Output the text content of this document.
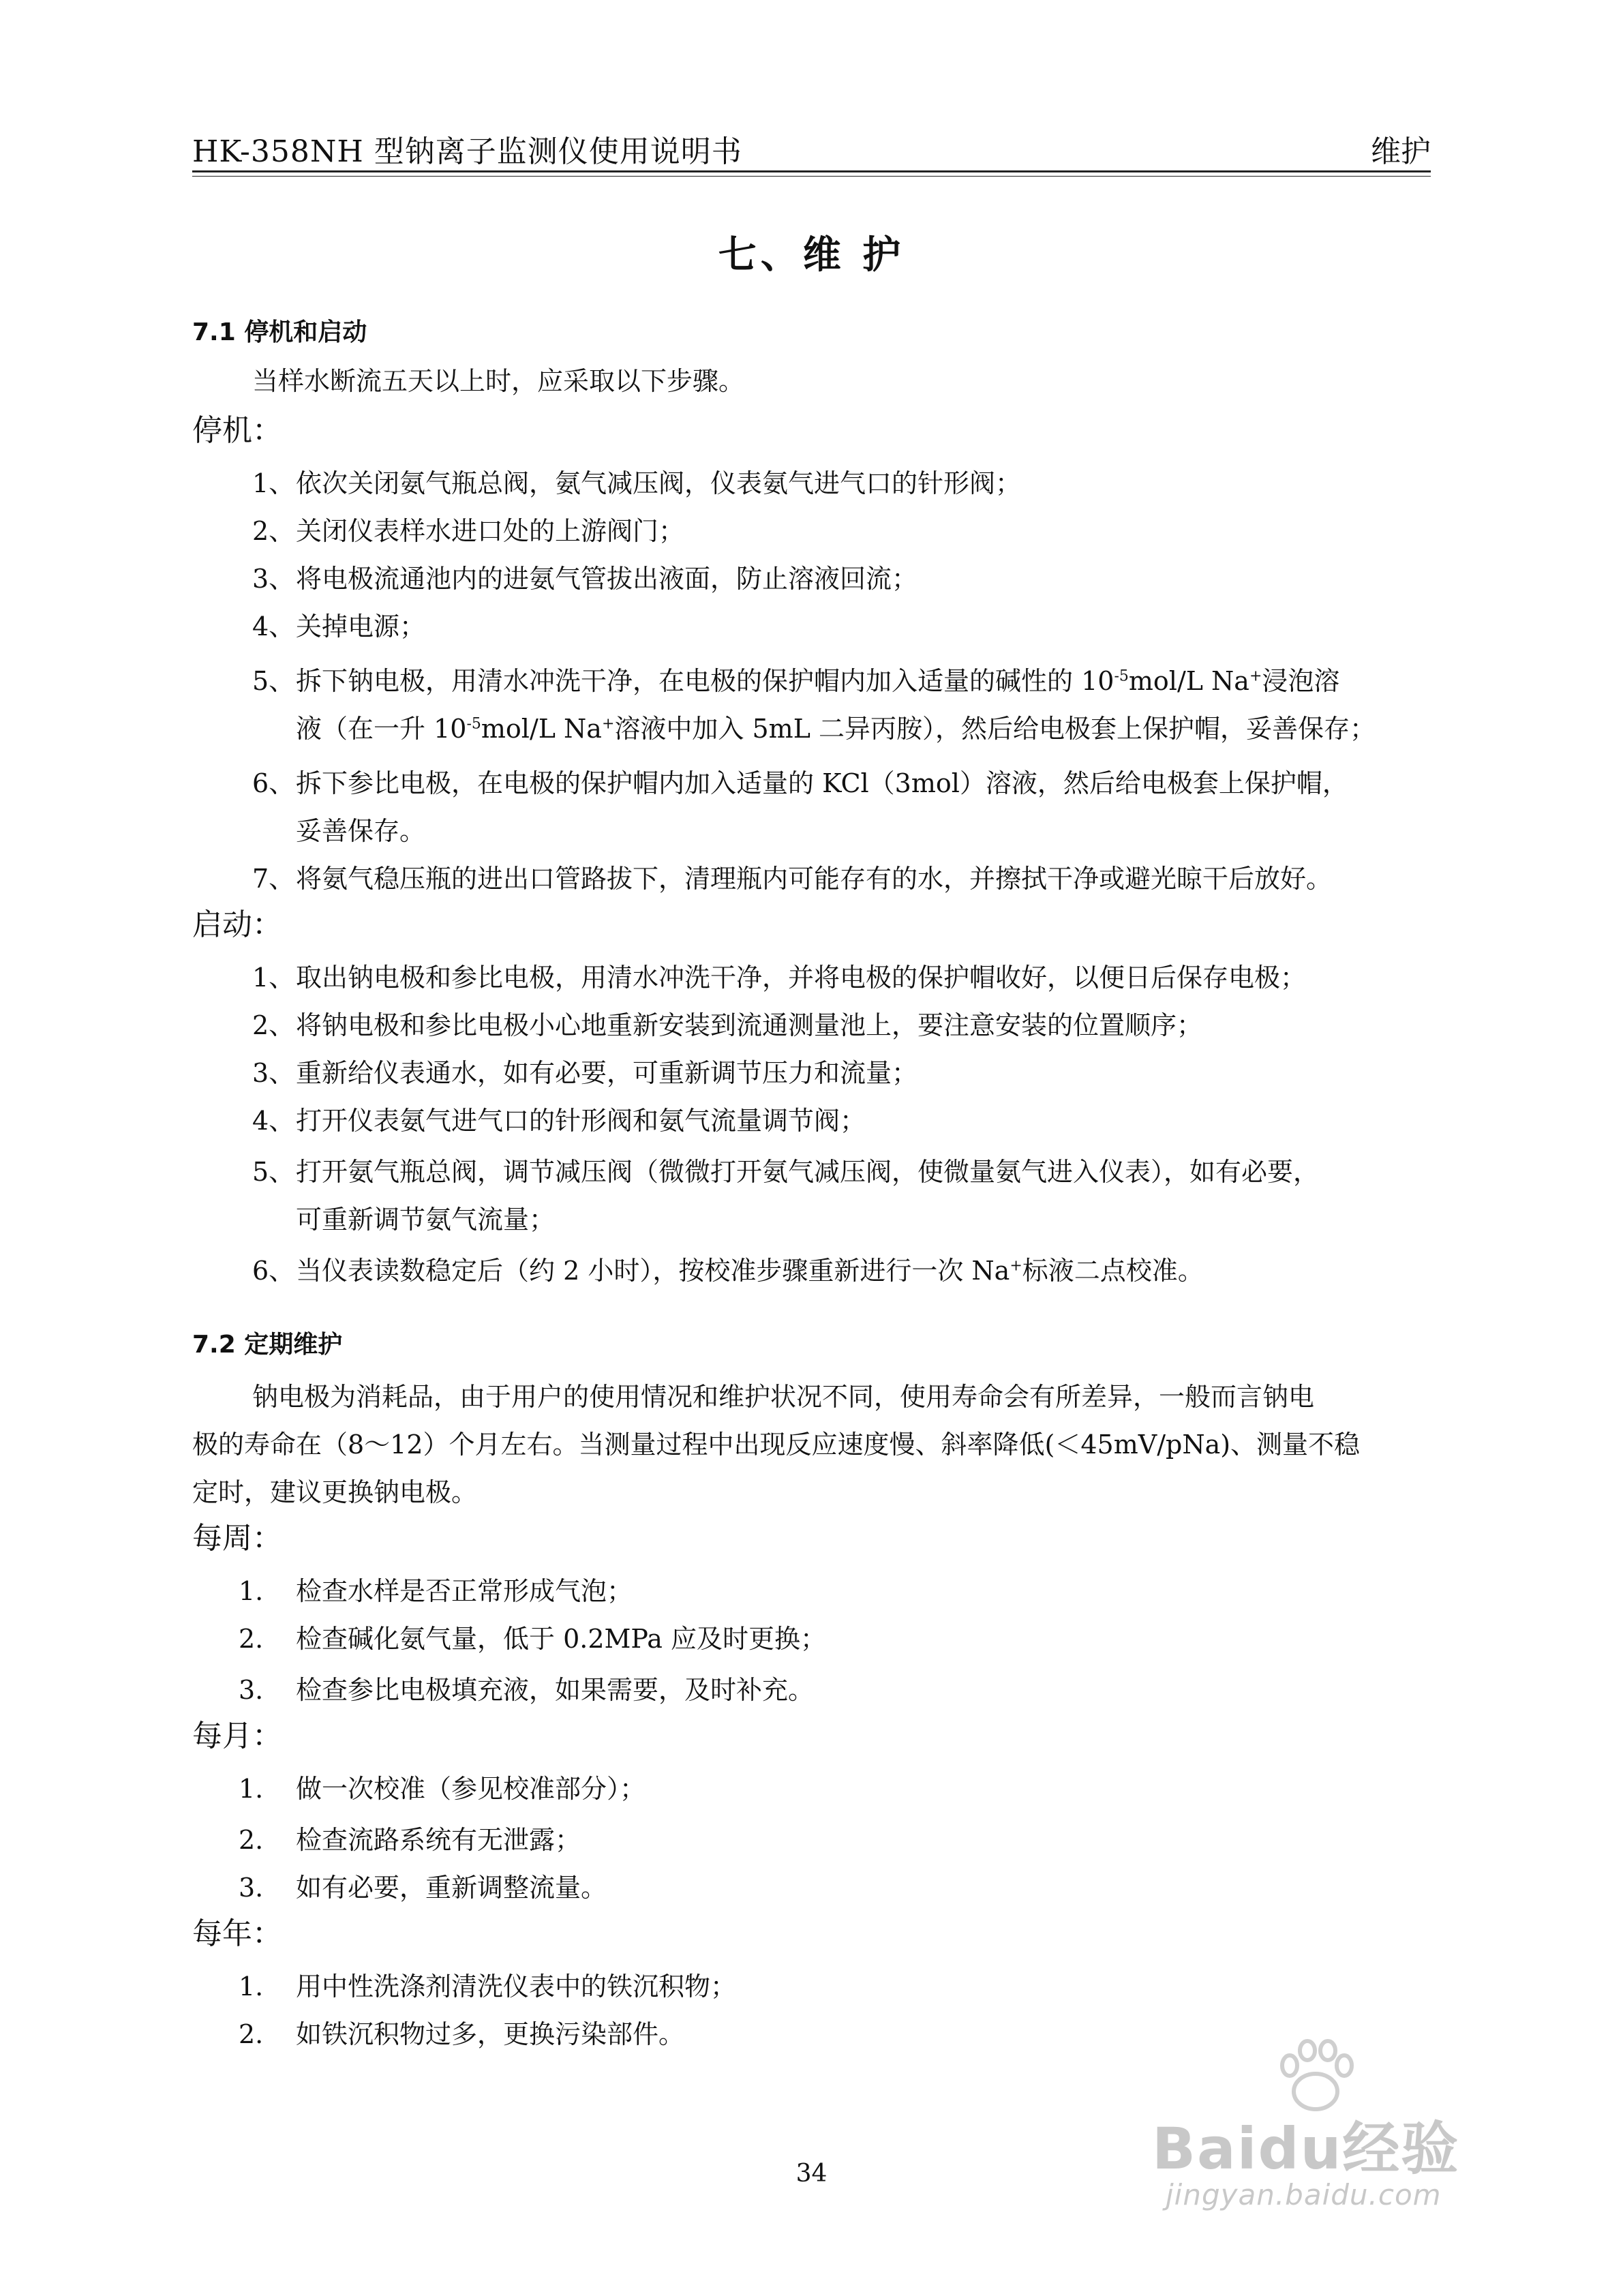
HK-358NH 型钠离子监测仪使用说明书	维护
七、维 护
7.1 停机和启动
当样水断流五天以上时，应采取以下步骤。
停机：
1、依次关闭氨气瓶总阀，氨气减压阀，仪表氨气进气口的针形阀；
2、关闭仪表样水进口处的上游阀门；
3、将电极流通池内的进氨气管拔出液面，防止溶液回流；
4、关掉电源；
5、拆下钠电极，用清水冲洗干净，在电极的保护帽内加入适量的碱性的 $10^{-5}mol/L$ Na+浸泡溶
液（在一升 $10^{-5}mol/L$ Na+溶液中加入 5mL 二异丙胺），然后给电极套上保护帽，妥善保存；
6、拆下参比电极，在电极的保护帽内加入适量的 KCl（3mol）溶液，然后给电极套上保护帽，
妥善保存。
7、将氨气稳压瓶的进出口管路拔下，清理瓶内可能存有的水，并擦拭干净或避光晾干后放好。
启动：
1、取出钠电极和参比电极，用清水冲洗干净，并将电极的保护帽收好，以便日后保存电极；
2、将钠电极和参比电极小心地重新安装到流通测量池上，要注意安装的位置顺序；
3、重新给仪表通水，如有必要，可重新调节压力和流量；
4、打开仪表氨气进气口的针形阀和氨气流量调节阀；
5、打开氨气瓶总阀，调节减压阀（微微打开氨气减压阀，使微量氨气进入仪表），如有必要，
可重新调节氨气流量；
6、当仪表读数稳定后（约 2 小时），按校准步骤重新进行一次 Na+标液二点校准。
7.2 定期维护
钠电极为消耗品，由于用户的使用情况和维护状况不同，使用寿命会有所差异，一般而言钠电
极的寿命在（8～12）个月左右。当测量过程中出现反应速度慢、斜率降低(＜45mV/pNa)、测量不稳
定时，建议更换钠电极。
每周：
1. 检查水样是否正常形成气泡；
2. 检查碱化氨气量，低于 0.2MPa 应及时更换；
3. 检查参比电极填充液，如果需要，及时补充。
每月：
1. 做一次校准（参见校准部分）；
2. 检查流路系统有无泄露；
3. 如有必要，重新调整流量。
每年：
1. 用中性洗涤剂清洗仪表中的铁沉积物；
2. 如铁沉积物过多，更换污染部件。
34	Baidu经验
jingyan.baidu.com
